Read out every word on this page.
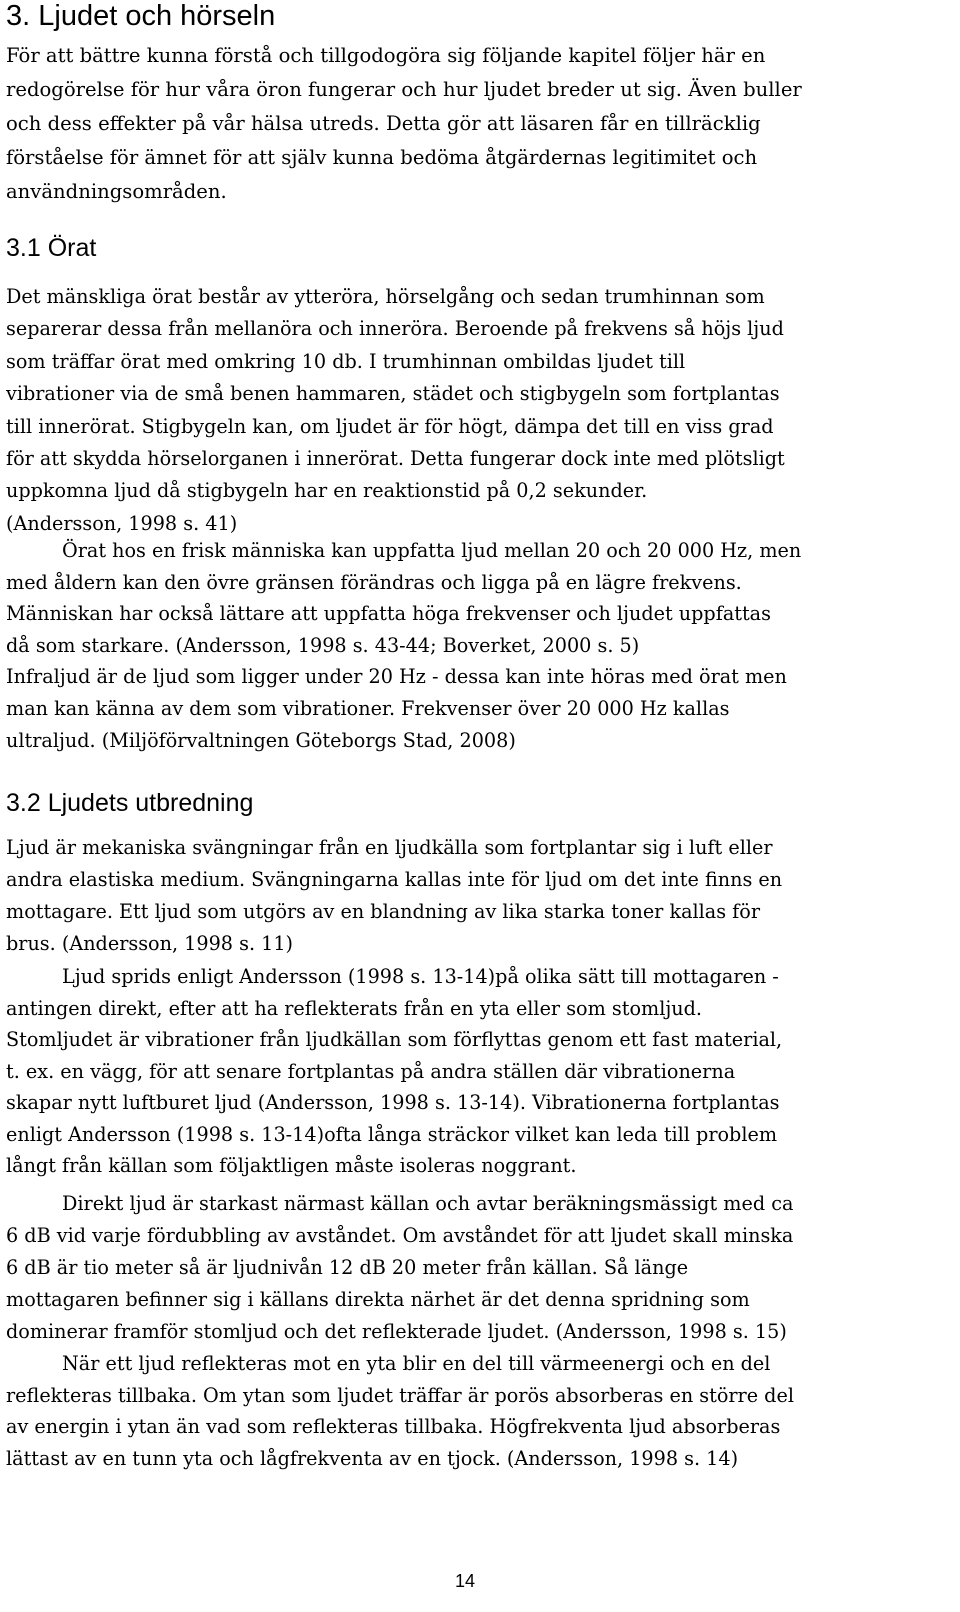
3. Ljudet och hörseln

För att bättre kunna förstå och tillgodogöra sig följande kapitel följer här en
redogörelse för hur våra öron fungerar och hur ljudet breder ut sig. Även buller
och dess effekter på vår hälsa utreds. Detta gör att läsaren får en tillräcklig
förståelse för ämnet för att själv kunna bedöma åtgärdernas legitimitet och
användningsområden.

3.1 Örat

Det mänskliga örat består av ytteröra, hörselgång och sedan trumhinnan som
separerar dessa från mellanöra och inneröra. Beroende på frekvens så höjs ljud
som träffar örat med omkring 10 db. I trumhinnan ombildas ljudet till
vibrationer via de små benen hammaren, städet och stigbygeln som fortplantas
till innerörat. Stigbygeln kan, om ljudet är för högt, dämpa det till en viss grad
för att skydda hörselorganen i innerörat. Detta fungerar dock inte med plötsligt
uppkomna ljud då stigbygeln har en reaktionstid på 0,2 sekunder.
(Andersson, 1998 s. 41)

Örat hos en frisk människa kan uppfatta ljud mellan 20 och 20 000 Hz, men
med åldern kan den övre gränsen förändras och ligga på en lägre frekvens.
Människan har också lättare att uppfatta höga frekvenser och ljudet uppfattas
då som starkare. (Andersson, 1998 s. 43-44; Boverket, 2000 s. 5)
Infraljud är de ljud som ligger under 20 Hz - dessa kan inte höras med örat men
man kan känna av dem som vibrationer. Frekvenser över 20 000 Hz kallas
ultraljud. (Miljöförvaltningen Göteborgs Stad, 2008)

3.2 Ljudets utbredning

Ljud är mekaniska svängningar från en ljudkälla som fortplantar sig i luft eller
andra elastiska medium. Svängningarna kallas inte för ljud om det inte finns en
mottagare. Ett ljud som utgörs av en blandning av lika starka toner kallas för
brus. (Andersson, 1998 s. 11)

Ljud sprids enligt Andersson (1998 s. 13-14)på olika sätt till mottagaren -
antingen direkt, efter att ha reflekterats från en yta eller som stomljud.
Stomljudet är vibrationer från ljudkällan som förflyttas genom ett fast material,
t. ex. en vägg, för att senare fortplantas på andra ställen där vibrationerna
skapar nytt luftburet ljud (Andersson, 1998 s. 13-14). Vibrationerna fortplantas
enligt Andersson (1998 s. 13-14)ofta långa sträckor vilket kan leda till problem
långt från källan som följaktligen måste isoleras noggrant.

Direkt ljud är starkast närmast källan och avtar beräkningsmässigt med ca
6 dB vid varje fördubbling av avståndet. Om avståndet för att ljudet skall minska
6 dB är tio meter så är ljudnivån 12 dB 20 meter från källan. Så länge
mottagaren befinner sig i källans direkta närhet är det denna spridning som
dominerar framför stomljud och det reflekterade ljudet. (Andersson, 1998 s. 15)

När ett ljud reflekteras mot en yta blir en del till värmeenergi och en del
reflekteras tillbaka. Om ytan som ljudet träffar är porös absorberas en större del
av energin i ytan än vad som reflekteras tillbaka. Högfrekventa ljud absorberas
lättast av en tunn yta och lågfrekventa av en tjock. (Andersson, 1998 s. 14)

14
